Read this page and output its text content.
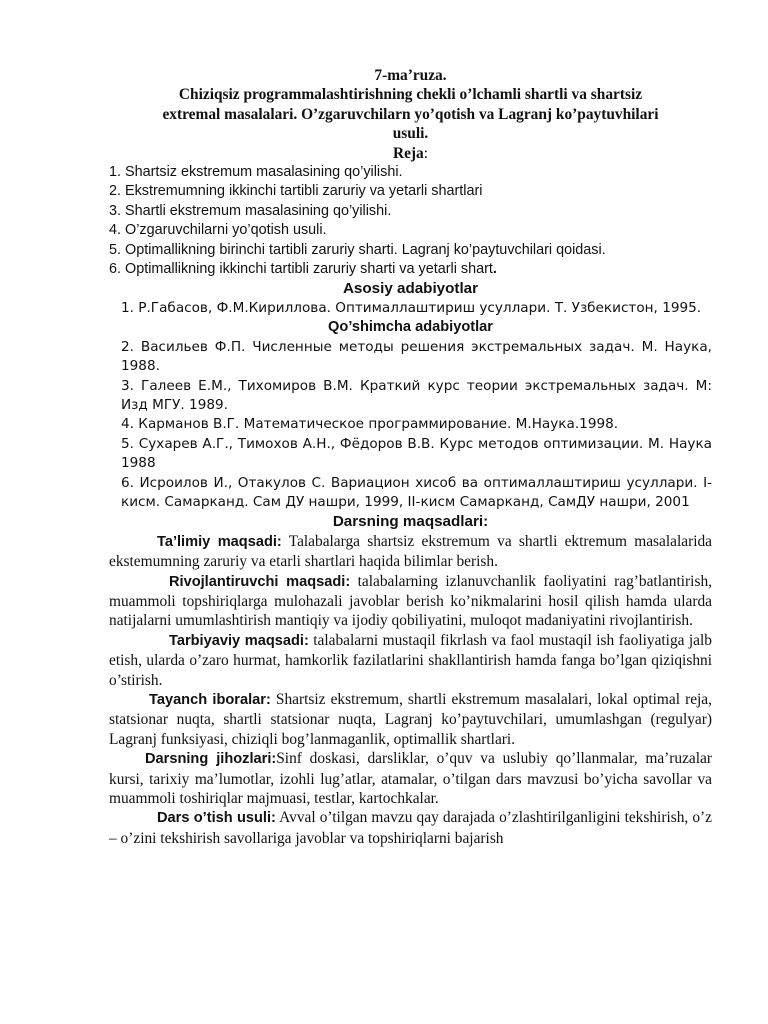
7-ma’ruza.

Chiziqsiz programmalashtirishning chekli o’lchamli shartli va shartsiz
extremal masalalari. O’zgaruvchilarn yo’qotish va Lagranj ko’paytuvhilari
usuli.

Reja:

1. Shartsiz ekstremum masalasining qo’yilishi.
2. Ekstremumning ikkinchi tartibli zaruriy va yetarli shartlari
3. Shartli ekstremum masalasining qo’yilishi.
4. O’zgaruvchilarni yo’qotish usuli.
5. Optimallikning birinchi tartibli zaruriy sharti. Lagranj ko’paytuvchilari qoidasi.
6. Optimallikning ikkinchi tartibli zaruriy sharti va yetarli shart.

Asosiy adabiyotlar

1. Р.Габасов, Ф.М.Кириллова. Оптималлаштириш усуллари. Т. Узбекистон, 1995.

Qo’shimcha adabiyotlar

2. Васильев Ф.П. Численные методы решения экстремальных задач. М. Наука, 1988.

3. Галеев Е.М., Тихомиров В.М. Краткий курс теории экстремальных задач. М: Изд МГУ. 1989.

4. Карманов В.Г. Математическое программирование. М.Наука.1998.

5. Сухарев А.Г., Тимохов А.Н., Фёдоров В.В. Курс методов оптимизации. М. Наука 1988

6. Исроилов И., Отакулов С. Вариацион хисоб ва оптималлаштириш усуллари. I-кисм. Самарканд. Сам ДУ нашри, 1999, II-кисм Самарканд, СамДУ нашри, 2001

Darsning maqsadlari:

Ta’limiy maqsadi: Talabalarga shartsiz ekstremum va shartli ektremum masalalarida ekstemumning zaruriy va etarli shartlari haqida bilimlar berish.

Rivojlantiruvchi maqsadi: talabalarning izlanuvchanlik faoliyatini rag’batlantirish, muammoli topshiriqlarga mulohazali javoblar berish ko’nikmalarini hosil qilish hamda ularda natijalarni umumlashtirish mantiqiy va ijodiy qobiliyatini, muloqot madaniyatini rivojlantirish.

Tarbiyaviy maqsadi: talabalarni mustaqil fikrlash va faol mustaqil ish faoliyatiga jalb etish, ularda o’zaro hurmat, hamkorlik fazilatlarini shakllantirish hamda fanga bo’lgan qiziqishni o’stirish.

Tayanch iboralar: Shartsiz ekstremum, shartli ekstremum masalalari, lokal optimal reja, statsionar nuqta, shartli statsionar nuqta, Lagranj ko’paytuvchilari, umumlashgan (regulyar) Lagranj funksiyasi, chiziqli bog’lanmaganlik, optimallik shartlari.

Darsning jihozlari:Sinf doskasi, darsliklar, o’quv va uslubiy qo’llanmalar, ma’ruzalar kursi, tarixiy ma’lumotlar, izohli lug’atlar, atamalar, o’tilgan dars mavzusi bo’yicha savollar va muammoli toshiriqlar majmuasi, testlar, kartochkalar.

Dars o’tish usuli: Avval o’tilgan mavzu qay darajada o’zlashtirilganligini tekshirish, o’z – o’zini tekshirish savollariga javoblar va topshiriqlarni bajarish
